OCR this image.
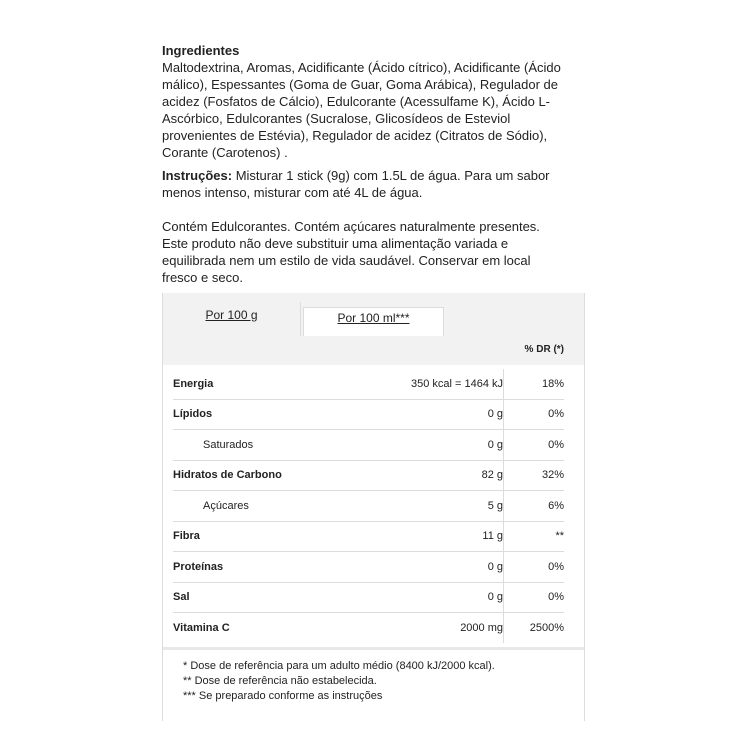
Ingredientes

Maltodextrina, Aromas, Acidificante (Ácido cítrico), Acidificante (Ácido

málico), Espessantes (Goma de Guar, Goma Arábica), Regulador de

acidez (Fosfatos de Cálcio), Edulcorante (Acessulfame K), Ácido L-

Ascórbico, Edulcorantes (Sucralose, Glicosídeos de Esteviol

provenientes de Estévia), Regulador de acidez (Citratos de Sódio),

Corante (Carotenos) .

Instruções: Misturar 1 stick (9g) com 1.5L de água. Para um sabor

menos intenso, misturar com até 4L de água.

Contém Edulcorantes. Contém açúcares naturalmente presentes.

Este produto não deve substituir uma alimentação variada e

equilibrada nem um estilo de vida saudável. Conservar em local

fresco e seco.

Por 100 g	Por 100 ml***
% DR (*)
Energia	350 kcal = 1464 kJ	18%
Lípidos	0 g	0%
Saturados	0 g	0%
Hidratos de Carbono	82 g	32%
Açúcares	5 g	6%
Fibra	11 g	**
Proteínas	0 g	0%
Sal	0 g	0%
Vitamina C	2000 mg	2500%

* Dose de referência para um adulto médio (8400 kJ/2000 kcal).

** Dose de referência não estabelecida.

*** Se preparado conforme as instruções
